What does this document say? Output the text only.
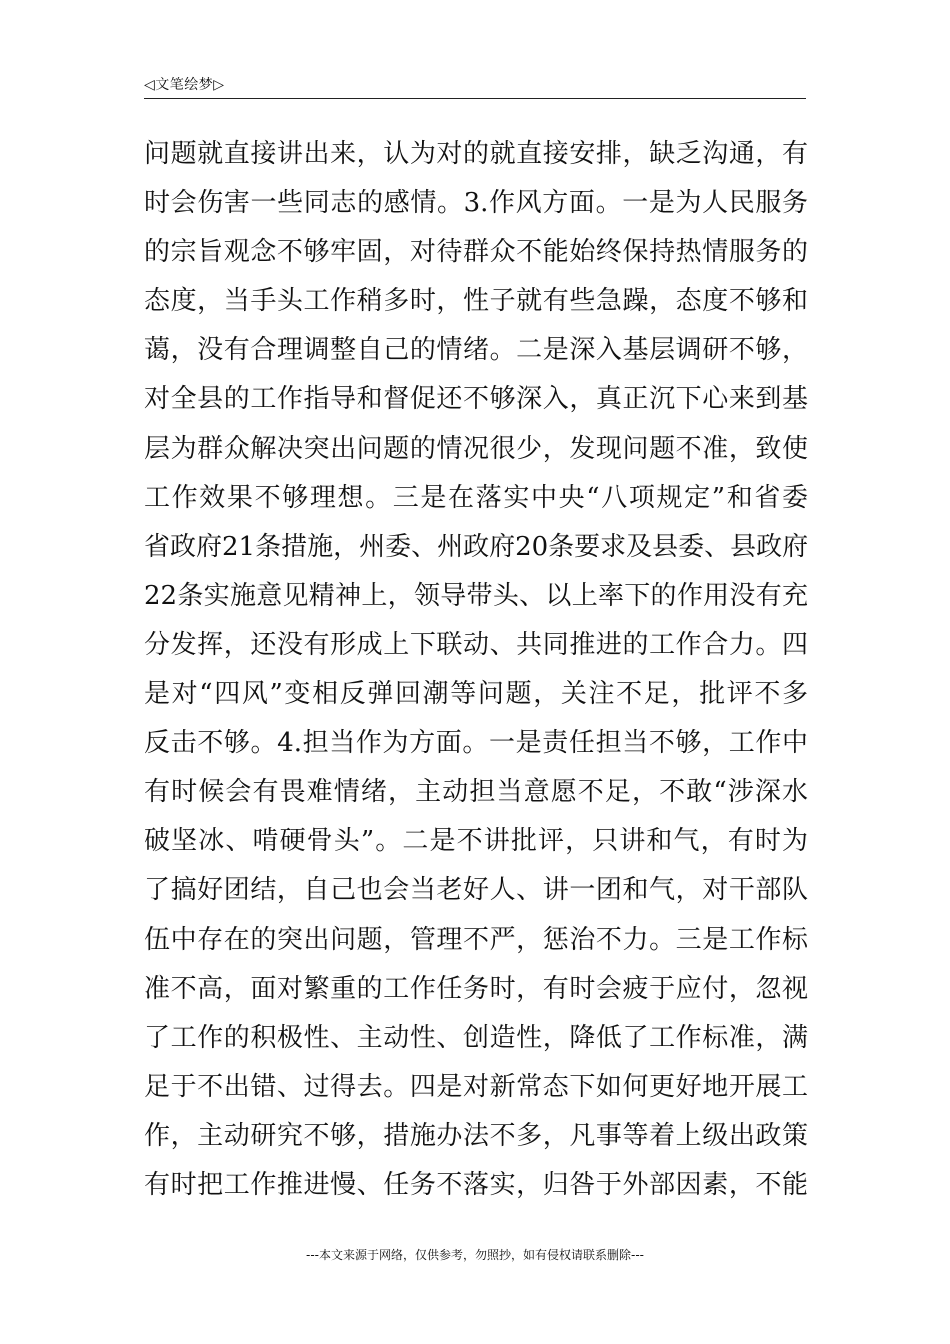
◁文笔绘梦▷
问题就直接讲出来，认为对的就直接安排，缺乏沟通，有
时会伤害一些同志的感情。3.作风方面。一是为人民服务
的宗旨观念不够牢固，对待群众不能始终保持热情服务的
态度，当手头工作稍多时，性子就有些急躁，态度不够和
蔼，没有合理调整自己的情绪。二是深入基层调研不够，
对全县的工作指导和督促还不够深入，真正沉下心来到基
层为群众解决突出问题的情况很少，发现问题不准，致使
工作效果不够理想。三是在落实中央“八项规定”和省委
省政府21条措施，州委、州政府20条要求及县委、县政府
22条实施意见精神上，领导带头、以上率下的作用没有充
分发挥，还没有形成上下联动、共同推进的工作合力。四
是对“四风”变相反弹回潮等问题，关注不足，批评不多
反击不够。4.担当作为方面。一是责任担当不够，工作中
有时候会有畏难情绪，主动担当意愿不足，不敢“涉深水
破坚冰、啃硬骨头”。二是不讲批评，只讲和气，有时为
了搞好团结，自己也会当老好人、讲一团和气，对干部队
伍中存在的突出问题，管理不严，惩治不力。三是工作标
准不高，面对繁重的工作任务时，有时会疲于应付，忽视
了工作的积极性、主动性、创造性，降低了工作标准，满
足于不出错、过得去。四是对新常态下如何更好地开展工
作，主动研究不够，措施办法不多，凡事等着上级出政策
有时把工作推进慢、任务不落实，归咎于外部因素，不能
---本文来源于网络，仅供参考，勿照抄，如有侵权请联系删除---
